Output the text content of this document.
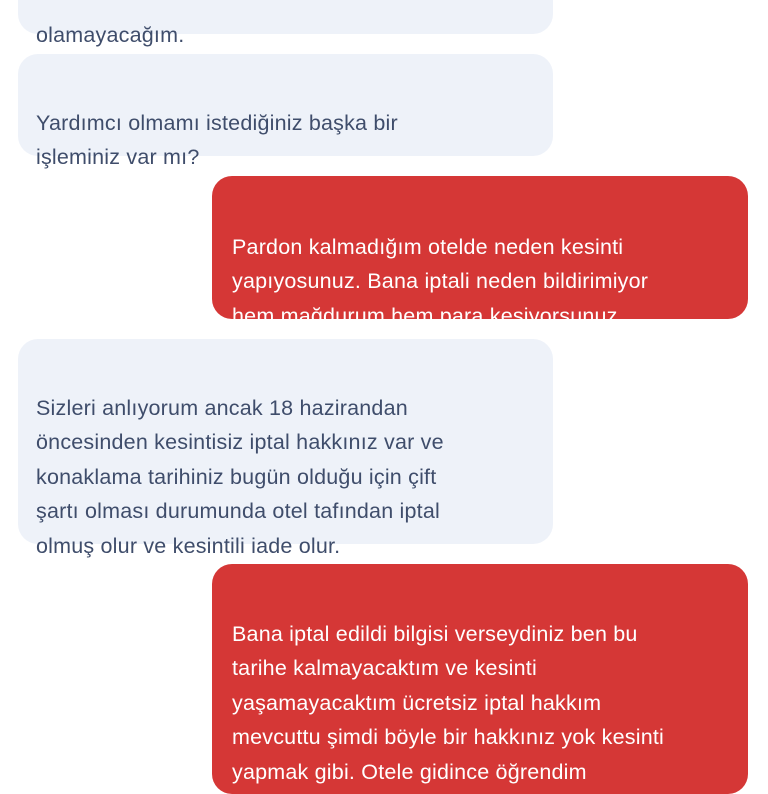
olamayacağım.

Yardımcı olmamı istediğiniz başka bir
işleminiz var mı?

Pardon kalmadığım otelde neden kesinti
yapıyosunuz. Bana iptali neden bildirimiyor
hem mağdurum hem para kesiyorsunuz

Sizleri anlıyorum ancak 18 hazirandan
öncesinden kesintisiz iptal hakkınız var ve
konaklama tarihiniz bugün olduğu için çift
şartı olması durumunda otel tafından iptal
olmuş olur ve kesintili iade olur.

Bana iptal edildi bilgisi verseydiniz ben bu
tarihe kalmayacaktım ve kesinti
yaşamayacaktım ücretsiz iptal hakkım
mevcuttu şimdi böyle bir hakkınız yok kesinti
yapmak gibi. Otele gidince öğrendim
